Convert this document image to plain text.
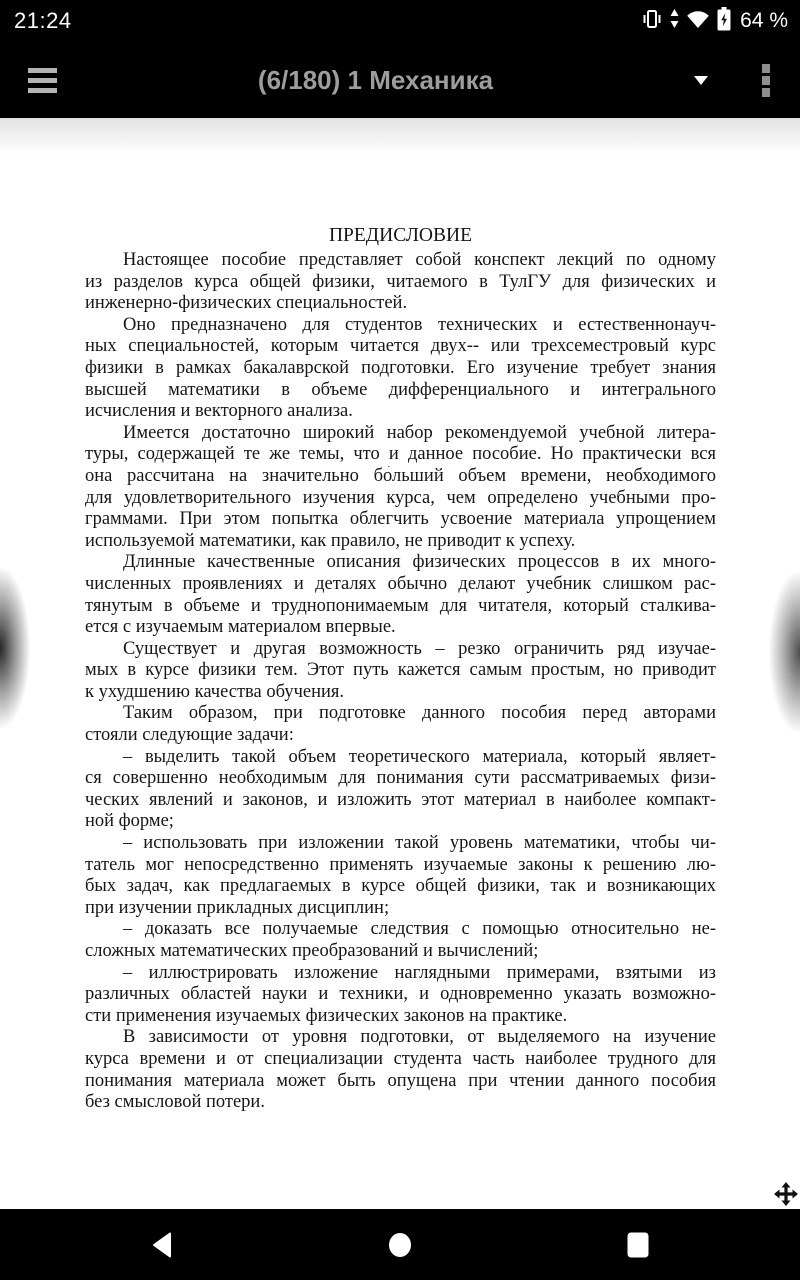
21:24	64 %
(6/180) 1 Механика
ПРЕДИСЛОВИЕ
Настоящее пособие представляет собой конспект лекций по одному
из разделов курса общей физики, читаемого в ТулГУ для физических и
инженерно-физических специальностей.
Оно предназначено для студентов технических и естественнонауч-
ных специальностей, которым читается двух-- или трехсеместровый курс
физики в рамках бакалаврской подготовки. Его изучение требует знания
высшей математики в объеме дифференциального и интегрального
исчисления и векторного анализа.
Имеется достаточно широкий набор рекомендуемой учебной литера-
туры, содержащей те же темы, что и данное пособие. Но практически вся
она рассчитана на значительно бо́льший объем времени, необходимого
для удовлетворительного изучения курса, чем определено учебными про-
граммами. При этом попытка облегчить усвоение материала упрощением
используемой математики, как правило, не приводит к успеху.
Длинные качественные описания физических процессов в их много-
численных проявлениях и деталях обычно делают учебник слишком рас-
тянутым в объеме и труднопонимаемым для читателя, который сталкива-
ется с изучаемым материалом впервые.
Существует и другая возможность – резко ограничить ряд изучае-
мых в курсе физики тем. Этот путь кажется самым простым, но приводит
к ухудшению качества обучения.
Таким образом, при подготовке данного пособия перед авторами
стояли следующие задачи:
– выделить такой объем теоретического материала, который являет-
ся совершенно необходимым для понимания сути рассматриваемых физи-
ческих явлений и законов, и изложить этот материал в наиболее компакт-
ной форме;
– использовать при изложении такой уровень математики, чтобы чи-
татель мог непосредственно применять изучаемые законы к решению лю-
бых задач, как предлагаемых в курсе общей физики, так и возникающих
при изучении прикладных дисциплин;
– доказать все получаемые следствия с помощью относительно не-
сложных математических преобразований и вычислений;
– иллюстрировать изложение наглядными примерами, взятыми из
различных областей науки и техники, и одновременно указать возможно-
сти применения изучаемых физических законов на практике.
В зависимости от уровня подготовки, от выделяемого на изучение
курса времени и от специализации студента часть наиболее трудного для
понимания материала может быть опущена при чтении данного пособия
без смысловой потери.
